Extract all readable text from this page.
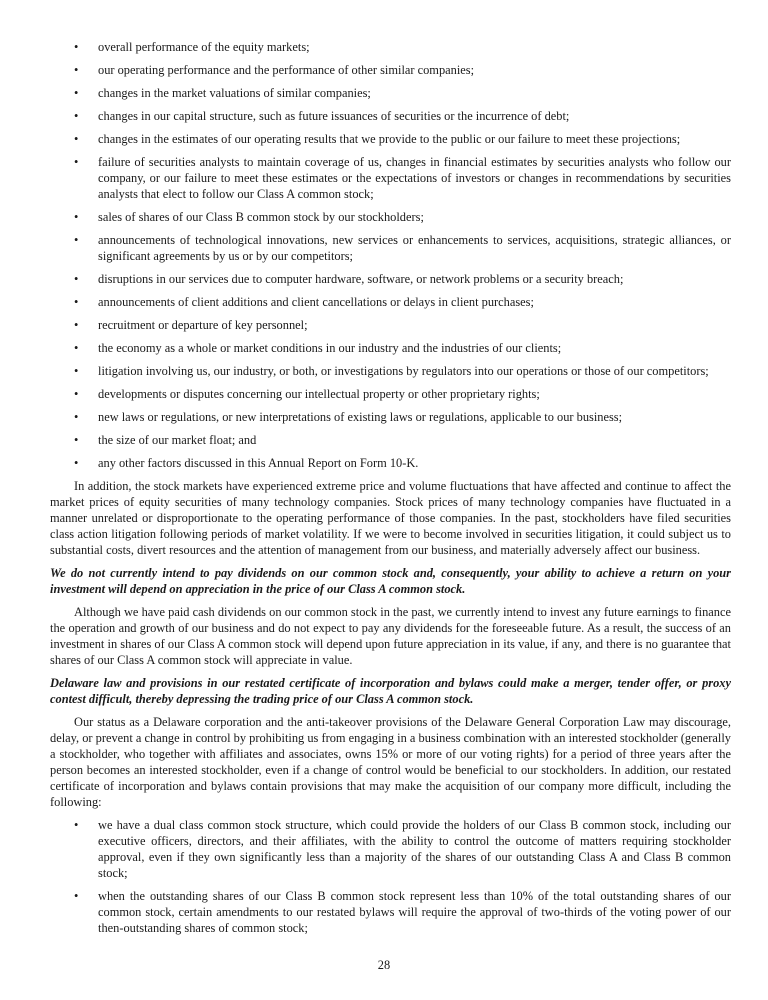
• overall performance of the equity markets;
• our operating performance and the performance of other similar companies;
• changes in the market valuations of similar companies;
• changes in our capital structure, such as future issuances of securities or the incurrence of debt;
• changes in the estimates of our operating results that we provide to the public or our failure to meet these projections;
• failure of securities analysts to maintain coverage of us, changes in financial estimates by securities analysts who follow our company, or our failure to meet these estimates or the expectations of investors or changes in recommendations by securities analysts that elect to follow our Class A common stock;
• sales of shares of our Class B common stock by our stockholders;
• announcements of technological innovations, new services or enhancements to services, acquisitions, strategic alliances, or significant agreements by us or by our competitors;
• disruptions in our services due to computer hardware, software, or network problems or a security breach;
• announcements of client additions and client cancellations or delays in client purchases;
• recruitment or departure of key personnel;
• the economy as a whole or market conditions in our industry and the industries of our clients;
• litigation involving us, our industry, or both, or investigations by regulators into our operations or those of our competitors;
• developments or disputes concerning our intellectual property or other proprietary rights;
• new laws or regulations, or new interpretations of existing laws or regulations, applicable to our business;
• the size of our market float; and
• any other factors discussed in this Annual Report on Form 10-K.

In addition, the stock markets have experienced extreme price and volume fluctuations that have affected and continue to affect the market prices of equity securities of many technology companies. Stock prices of many technology companies have fluctuated in a manner unrelated or disproportionate to the operating performance of those companies. In the past, stockholders have filed securities class action litigation following periods of market volatility. If we were to become involved in securities litigation, it could subject us to substantial costs, divert resources and the attention of management from our business, and materially adversely affect our business.

We do not currently intend to pay dividends on our common stock and, consequently, your ability to achieve a return on your investment will depend on appreciation in the price of our Class A common stock.

Although we have paid cash dividends on our common stock in the past, we currently intend to invest any future earnings to finance the operation and growth of our business and do not expect to pay any dividends for the foreseeable future. As a result, the success of an investment in shares of our Class A common stock will depend upon future appreciation in its value, if any, and there is no guarantee that shares of our Class A common stock will appreciate in value.

Delaware law and provisions in our restated certificate of incorporation and bylaws could make a merger, tender offer, or proxy contest difficult, thereby depressing the trading price of our Class A common stock.

Our status as a Delaware corporation and the anti-takeover provisions of the Delaware General Corporation Law may discourage, delay, or prevent a change in control by prohibiting us from engaging in a business combination with an interested stockholder (generally a stockholder, who together with affiliates and associates, owns 15% or more of our voting rights) for a period of three years after the person becomes an interested stockholder, even if a change of control would be beneficial to our stockholders. In addition, our restated certificate of incorporation and bylaws contain provisions that may make the acquisition of our company more difficult, including the following:

• we have a dual class common stock structure, which could provide the holders of our Class B common stock, including our executive officers, directors, and their affiliates, with the ability to control the outcome of matters requiring stockholder approval, even if they own significantly less than a majority of the shares of our outstanding Class A and Class B common stock;
• when the outstanding shares of our Class B common stock represent less than 10% of the total outstanding shares of our common stock, certain amendments to our restated bylaws will require the approval of two-thirds of the voting power of our then-outstanding shares of common stock;
28
